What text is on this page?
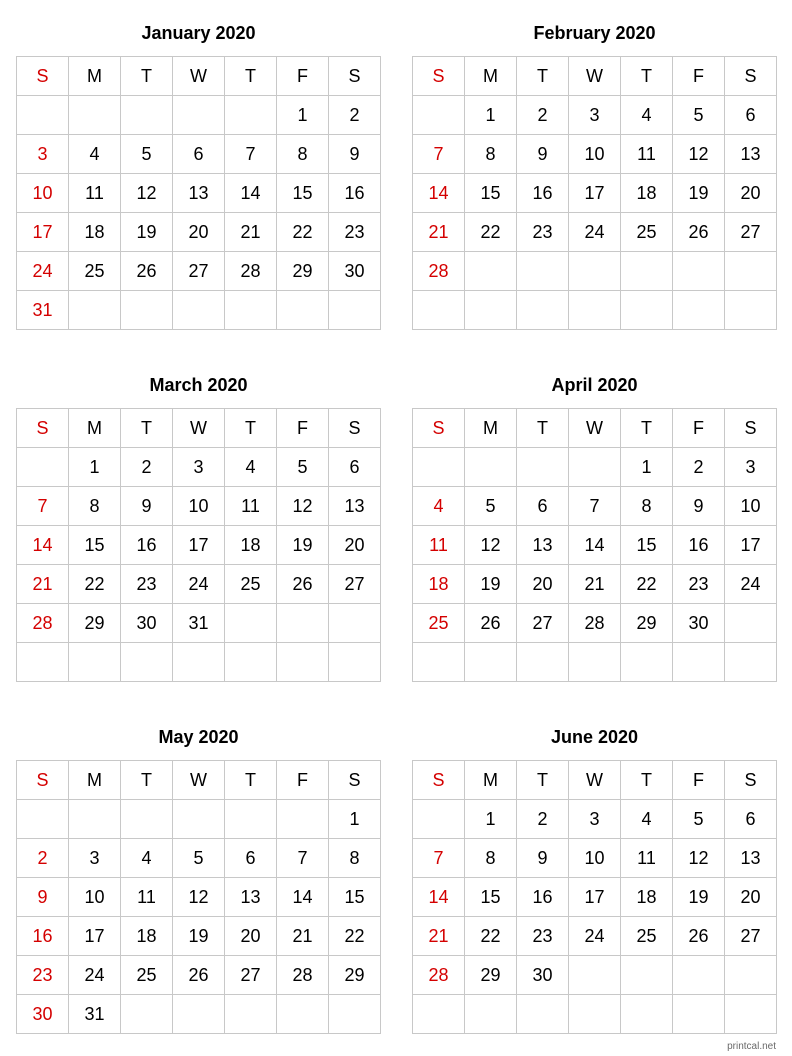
January 2020
S	M	T	W	T	F	S
					1	2
3	4	5	6	7	8	9
10	11	12	13	14	15	16
17	18	19	20	21	22	23
24	25	26	27	28	29	30
31						
February 2020
S	M	T	W	T	F	S
	1	2	3	4	5	6
7	8	9	10	11	12	13
14	15	16	17	18	19	20
21	22	23	24	25	26	27
28						

March 2020
S	M	T	W	T	F	S
	1	2	3	4	5	6
7	8	9	10	11	12	13
14	15	16	17	18	19	20
21	22	23	24	25	26	27
28	29	30	31			

April 2020
S	M	T	W	T	F	S
				1	2	3
4	5	6	7	8	9	10
11	12	13	14	15	16	17
18	19	20	21	22	23	24
25	26	27	28	29	30	

May 2020
S	M	T	W	T	F	S
						1
2	3	4	5	6	7	8
9	10	11	12	13	14	15
16	17	18	19	20	21	22
23	24	25	26	27	28	29
30	31					
June 2020
S	M	T	W	T	F	S
	1	2	3	4	5	6
7	8	9	10	11	12	13
14	15	16	17	18	19	20
21	22	23	24	25	26	27
28	29	30				

printcal.net
